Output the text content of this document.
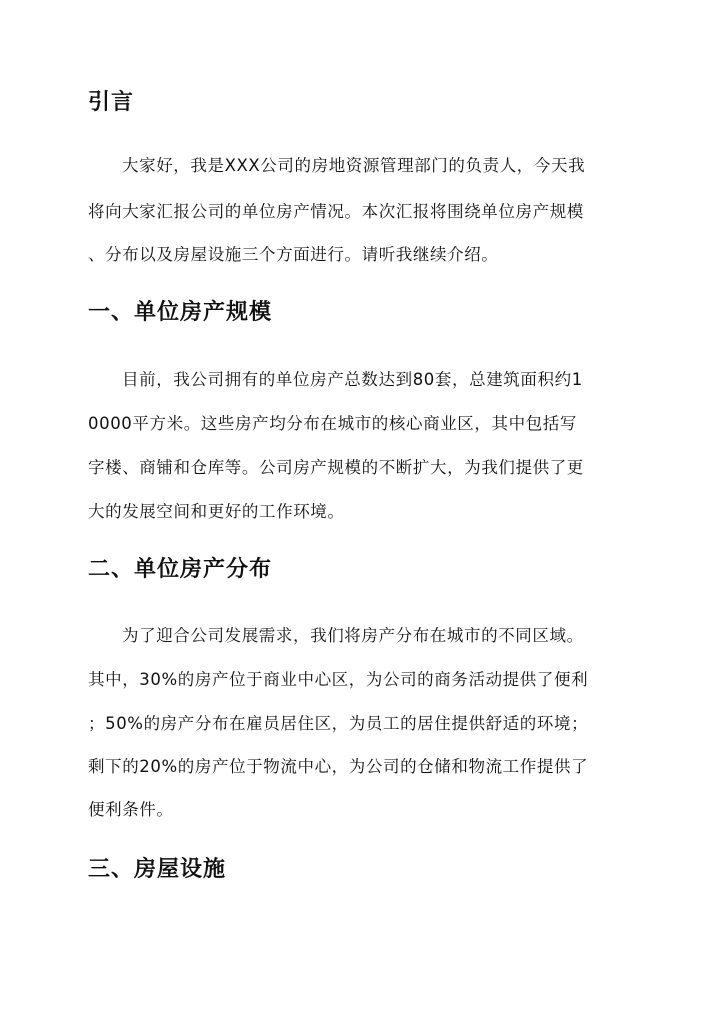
引言

大家好，我是XXX公司的房地资源管理部门的负责人，今天我

将向大家汇报公司的单位房产情况。本次汇报将围绕单位房产规模

、分布以及房屋设施三个方面进行。请听我继续介绍。

一、单位房产规模

目前，我公司拥有的单位房产总数达到80套，总建筑面积约1

0000平方米。这些房产均分布在城市的核心商业区，其中包括写

字楼、商铺和仓库等。公司房产规模的不断扩大，为我们提供了更

大的发展空间和更好的工作环境。

二、单位房产分布

为了迎合公司发展需求，我们将房产分布在城市的不同区域。

其中，30%的房产位于商业中心区，为公司的商务活动提供了便利

；50%的房产分布在雇员居住区，为员工的居住提供舒适的环境；

剩下的20%的房产位于物流中心，为公司的仓储和物流工作提供了

便利条件。

三、房屋设施
